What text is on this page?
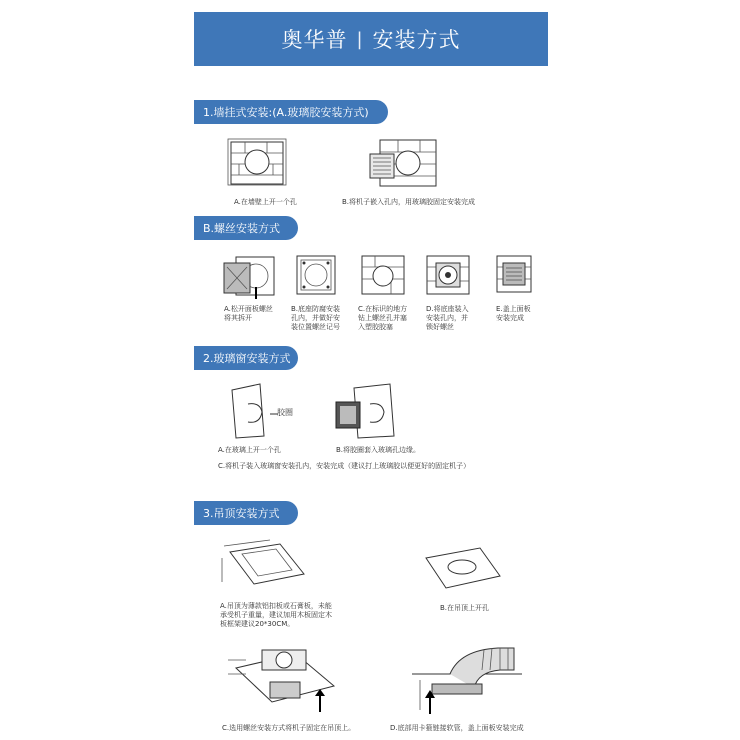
奥华普 | 安装方式
1.墙挂式安装:(A.玻璃胶安装方式)
A.在墙壁上开一个孔	B.将机子嵌入孔内，用玻璃胶固定安装完成
B.螺丝安装方式
A.松开面板螺丝
将其拆开
B.底座防腐安装
孔内，并做好安
装位置螺丝记号
C.在标识的地方
钻上螺丝孔并塞
入塑胶胶塞
D.将底座装入
安装孔内，并
锁好螺丝
E.盖上面板
安装完成
2.玻璃窗安装方式
胶圈
A.在玻璃上开一个孔	B.将胶圈套入玻璃孔边缘。
C.将机子装入玻璃窗安装孔内，安装完成（建议打上玻璃胶以便更好的固定机子）
3.吊顶安装方式
A.吊顶为薄款铝扣板或石膏板，未能
承受机子重量，建议加用木板固定木
板框架建议20*30CM。
B.在吊顶上开孔
C.选用螺丝安装方式将机子固定在吊顶上。	D.底部用卡箍链接软管，盖上面板安装完成
